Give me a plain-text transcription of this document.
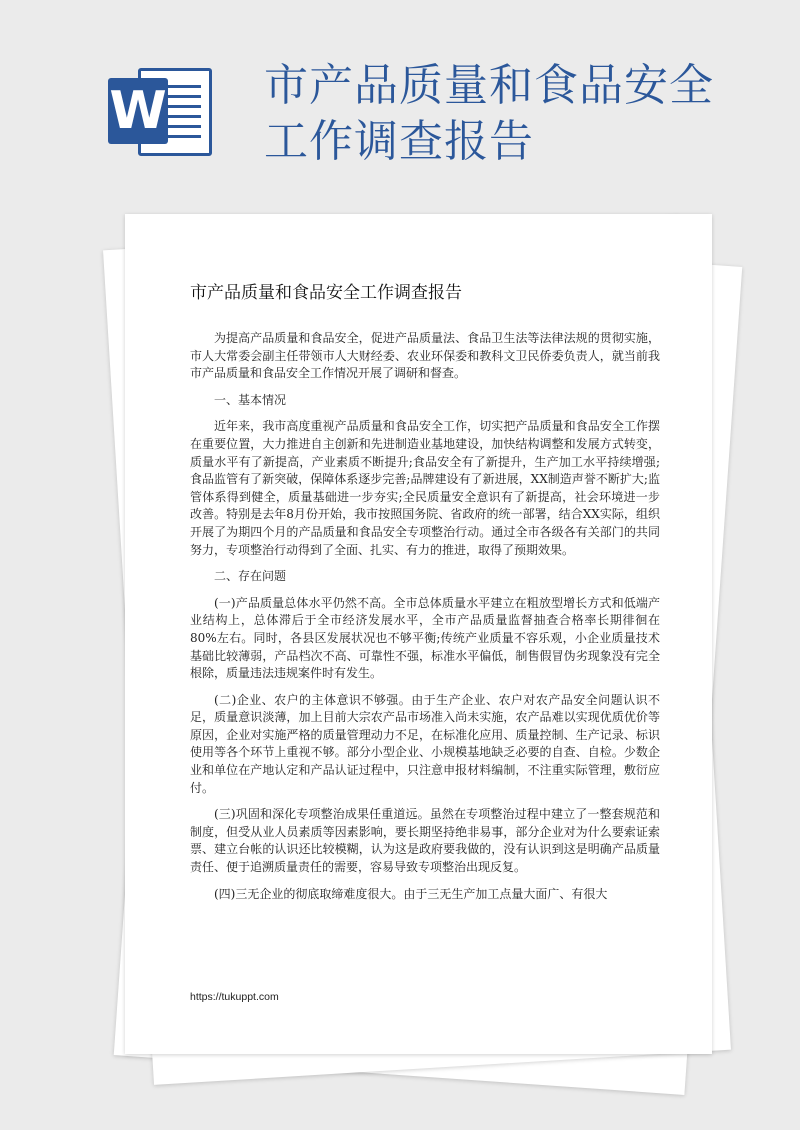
W 市产品质量和食品安全工作调查报告
市产品质量和食品安全工作调查报告

为提高产品质量和食品安全，促进产品质量法、食品卫生法等法律法规的贯彻实施，市人大常委会副主任带领市人大财经委、农业环保委和教科文卫民侨委负责人，就当前我市产品质量和食品安全工作情况开展了调研和督查。

一、基本情况

近年来，我市高度重视产品质量和食品安全工作，切实把产品质量和食品安全工作摆在重要位置，大力推进自主创新和先进制造业基地建设，加快结构调整和发展方式转变，质量水平有了新提高，产业素质不断提升;食品安全有了新提升，生产加工水平持续增强;食品监管有了新突破，保障体系逐步完善;品牌建设有了新进展，XX制造声誉不断扩大;监管体系得到健全，质量基础进一步夯实;全民质量安全意识有了新提高，社会环境进一步改善。特别是去年8月份开始，我市按照国务院、省政府的统一部署，结合XX实际，组织开展了为期四个月的产品质量和食品安全专项整治行动。通过全市各级各有关部门的共同努力，专项整治行动得到了全面、扎实、有力的推进，取得了预期效果。

二、存在问题

(一)产品质量总体水平仍然不高。全市总体质量水平建立在粗放型增长方式和低端产业结构上，总体滞后于全市经济发展水平，全市产品质量监督抽查合格率长期徘徊在80%左右。同时，各县区发展状况也不够平衡;传统产业质量不容乐观，小企业质量技术基础比较薄弱，产品档次不高、可靠性不强，标准水平偏低，制售假冒伪劣现象没有完全根除，质量违法违规案件时有发生。

(二)企业、农户的主体意识不够强。由于生产企业、农户对农产品安全问题认识不足，质量意识淡薄，加上目前大宗农产品市场准入尚未实施，农产品难以实现优质优价等原因，企业对实施严格的质量管理动力不足，在标准化应用、质量控制、生产记录、标识使用等各个环节上重视不够。部分小型企业、小规模基地缺乏必要的自查、自检。少数企业和单位在产地认定和产品认证过程中，只注意申报材料编制，不注重实际管理，敷衍应付。

(三)巩固和深化专项整治成果任重道远。虽然在专项整治过程中建立了一整套规范和制度，但受从业人员素质等因素影响，要长期坚持绝非易事，部分企业对为什么要索证索票、建立台帐的认识还比较模糊，认为这是政府要我做的，没有认识到这是明确产品质量责任、便于追溯质量责任的需要，容易导致专项整治出现反复。

(四)三无企业的彻底取缔难度很大。由于三无生产加工点量大面广、有很大

https://tukuppt.com
